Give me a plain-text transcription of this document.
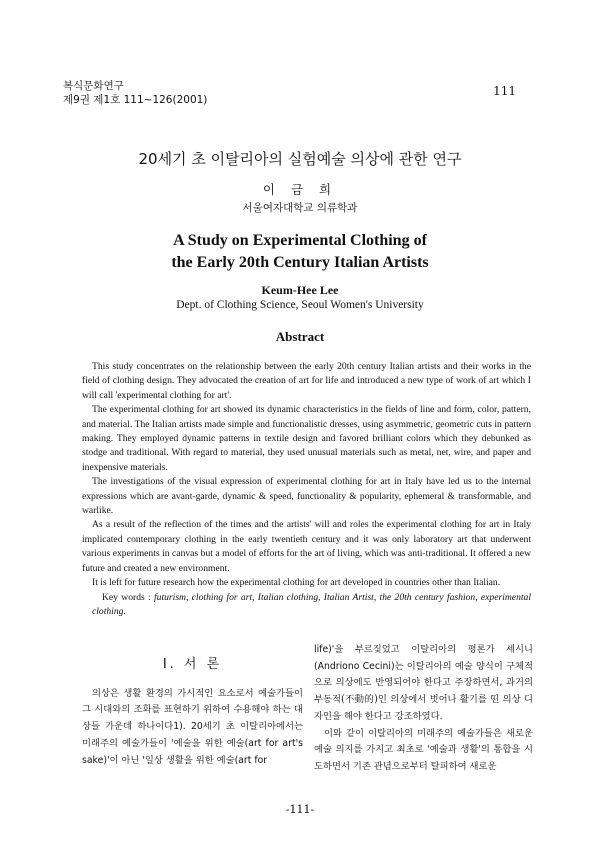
복식문화연구
제9권 제1호 111~126(2001)
111
20세기 초 이탈리아의 실험예술 의상에 관한 연구
이 금 희
서울여자대학교 의류학과
A Study on Experimental Clothing of
the Early 20th Century Italian Artists
Keum-Hee Lee
Dept. of Clothing Science, Seoul Women's University
Abstract

This study concentrates on the relationship between the early 20th century Italian artists and their works in the field of clothing design. They advocated the creation of art for life and introduced a new type of work of art which I will call 'experimental clothing for art'.

The experimental clothing for art showed its dynamic characteristics in the fields of line and form, color, pattern, and material. The Italian artists made simple and functionalistic dresses, using asymmetric, geometric cuts in pattern making. They employed dynamic patterns in textile design and favored brilliant colors which they debunked as stodge and traditional. With regard to material, they used unusual materials such as metal, net, wire, and paper and inexpensive materials.

The investigations of the visual expression of experimental clothing for art in Italy have led us to the internal expressions which are avant-garde, dynamic & speed, functionality & popularity, ephemeral & transformable, and warlike.

As a result of the reflection of the times and the artists' will and roles the experimental clothing for art in Italy implicated contemporary clothing in the early twentieth century and it was only laboratory art that underwent various experiments in canvas but a model of efforts for the art of living, which was anti-traditional. It offered a new future and created a new environment.

It is left for future research how the experimental clothing for art developed in countries other than Italian.

Key words : futurism, clothing for art, Italian clothing, Italian Artist, the 20th century fashion, experimental clothing.

I. 서 론

의상은 생활 환경의 가시적인 요소로서 예술가들이 그 시대와의 조화를 표현하기 위하여 수용해야 하는 대상들 가운데 하나이다1). 20세기 초 이탈리아에서는 미래주의 예술가들이 '예술을 위한 예술(art for art's sake)'이 아닌 '일상 생활을 위한 예술(art for

life)'을 부르짖었고 이탈리아의 평론가 세시니(Andriono Cecini)는 이탈리아의 예술 양식이 구체적으로 의상에도 반영되어야 한다고 주장하면서, 과거의 부동적(不動的)인 의상에서 벗어나 활기를 띤 의상 디자인을 해야 한다고 강조하였다.

이와 같이 이탈리아의 미래주의 예술가들은 새로운 예술 의지를 가지고 최초로 '예술과 생활'의 통합을 시도하면서 기존 관념으로부터 탈피하여 새로운

-111-
